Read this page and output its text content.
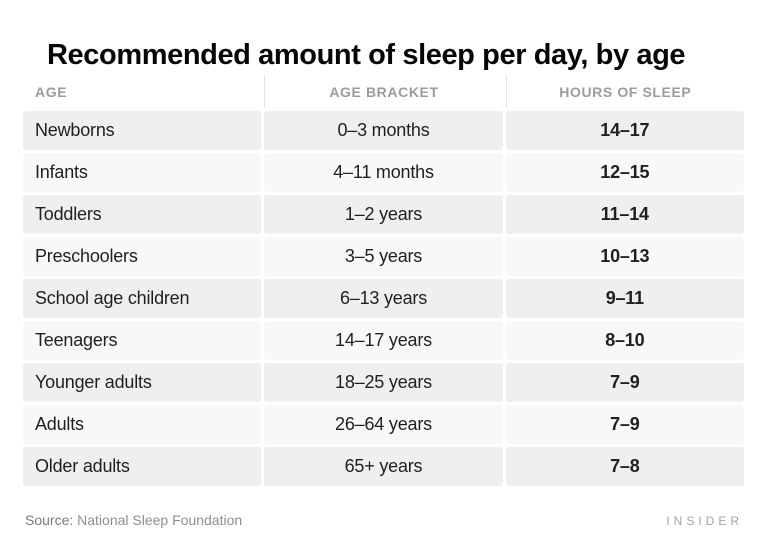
Recommended amount of sleep per day, by age
AGE	AGE BRACKET	HOURS OF SLEEP
Newborns	0–3 months	14–17
Infants	4–11 months	12–15
Toddlers	1–2 years	11–14
Preschoolers	3–5 years	10–13
School age children	6–13 years	9–11
Teenagers	14–17 years	8–10
Younger adults	18–25 years	7–9
Adults	26–64 years	7–9
Older adults	65+ years	7–8
Source: National Sleep Foundation	INSIDER
